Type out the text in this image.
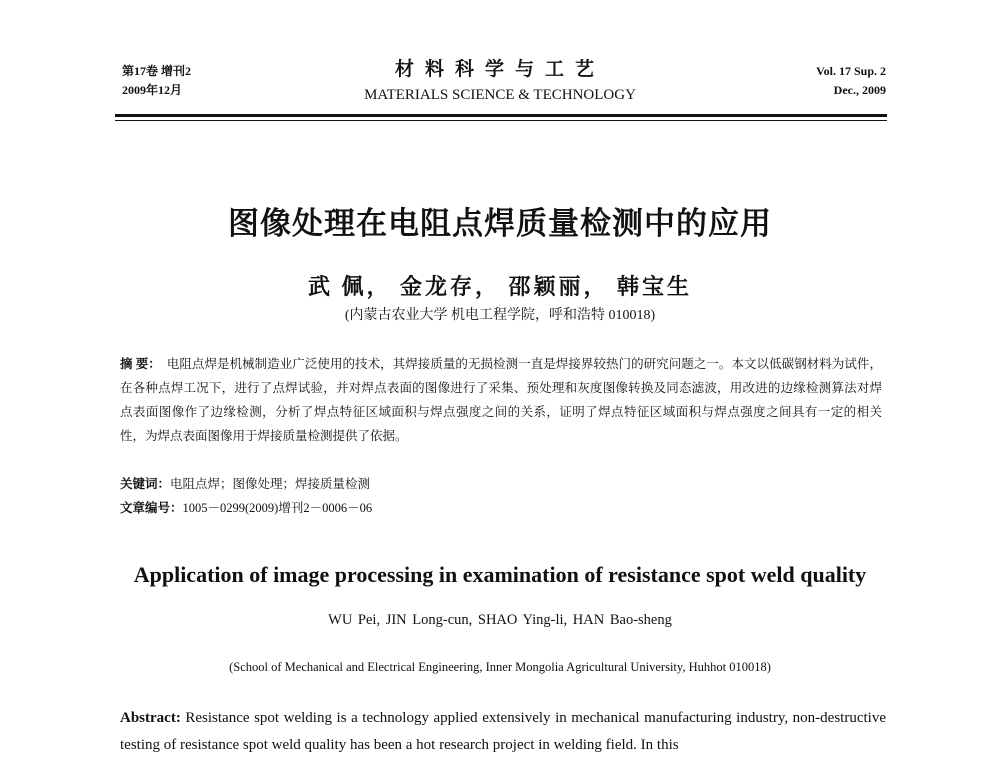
第17卷 增刊2
2009年12月
材料科学与工艺
MATERIALS SCIENCE & TECHNOLOGY
Vol. 17 Sup. 2
Dec., 2009
图像处理在电阻点焊质量检测中的应用
武 佩， 金龙存， 邵颖丽， 韩宝生
(内蒙古农业大学 机电工程学院，呼和浩特 010018)
摘 要： 电阻点焊是机械制造业广泛使用的技术，其焊接质量的无损检测一直是焊接界较热门的研究问题之一。本文以低碳钢材料为试件，在各种点焊工况下，进行了点焊试验，并对焊点表面的图像进行了采集、预处理和灰度图像转换及同态滤波，用改进的边缘检测算法对焊点表面图像作了边缘检测，分析了焊点特征区域面积与焊点强度之间的关系，证明了焊点特征区域面积与焊点强度之间具有一定的相关性，为焊点表面图像用于焊接质量检测提供了依据。
关键词：电阻点焊；图像处理；焊接质量检测
文章编号：1005－0299(2009)增刊2－0006－06
Application of image processing in examination of resistance spot weld quality
WU Pei, JIN Long-cun, SHAO Ying-li, HAN Bao-sheng
(School of Mechanical and Electrical Engineering, Inner Mongolia Agricultural University, Huhhot 010018)
Abstract: Resistance spot welding is a technology applied extensively in mechanical manufacturing industry, non-destructive testing of resistance spot weld quality has been a hot research project in welding field. In this
